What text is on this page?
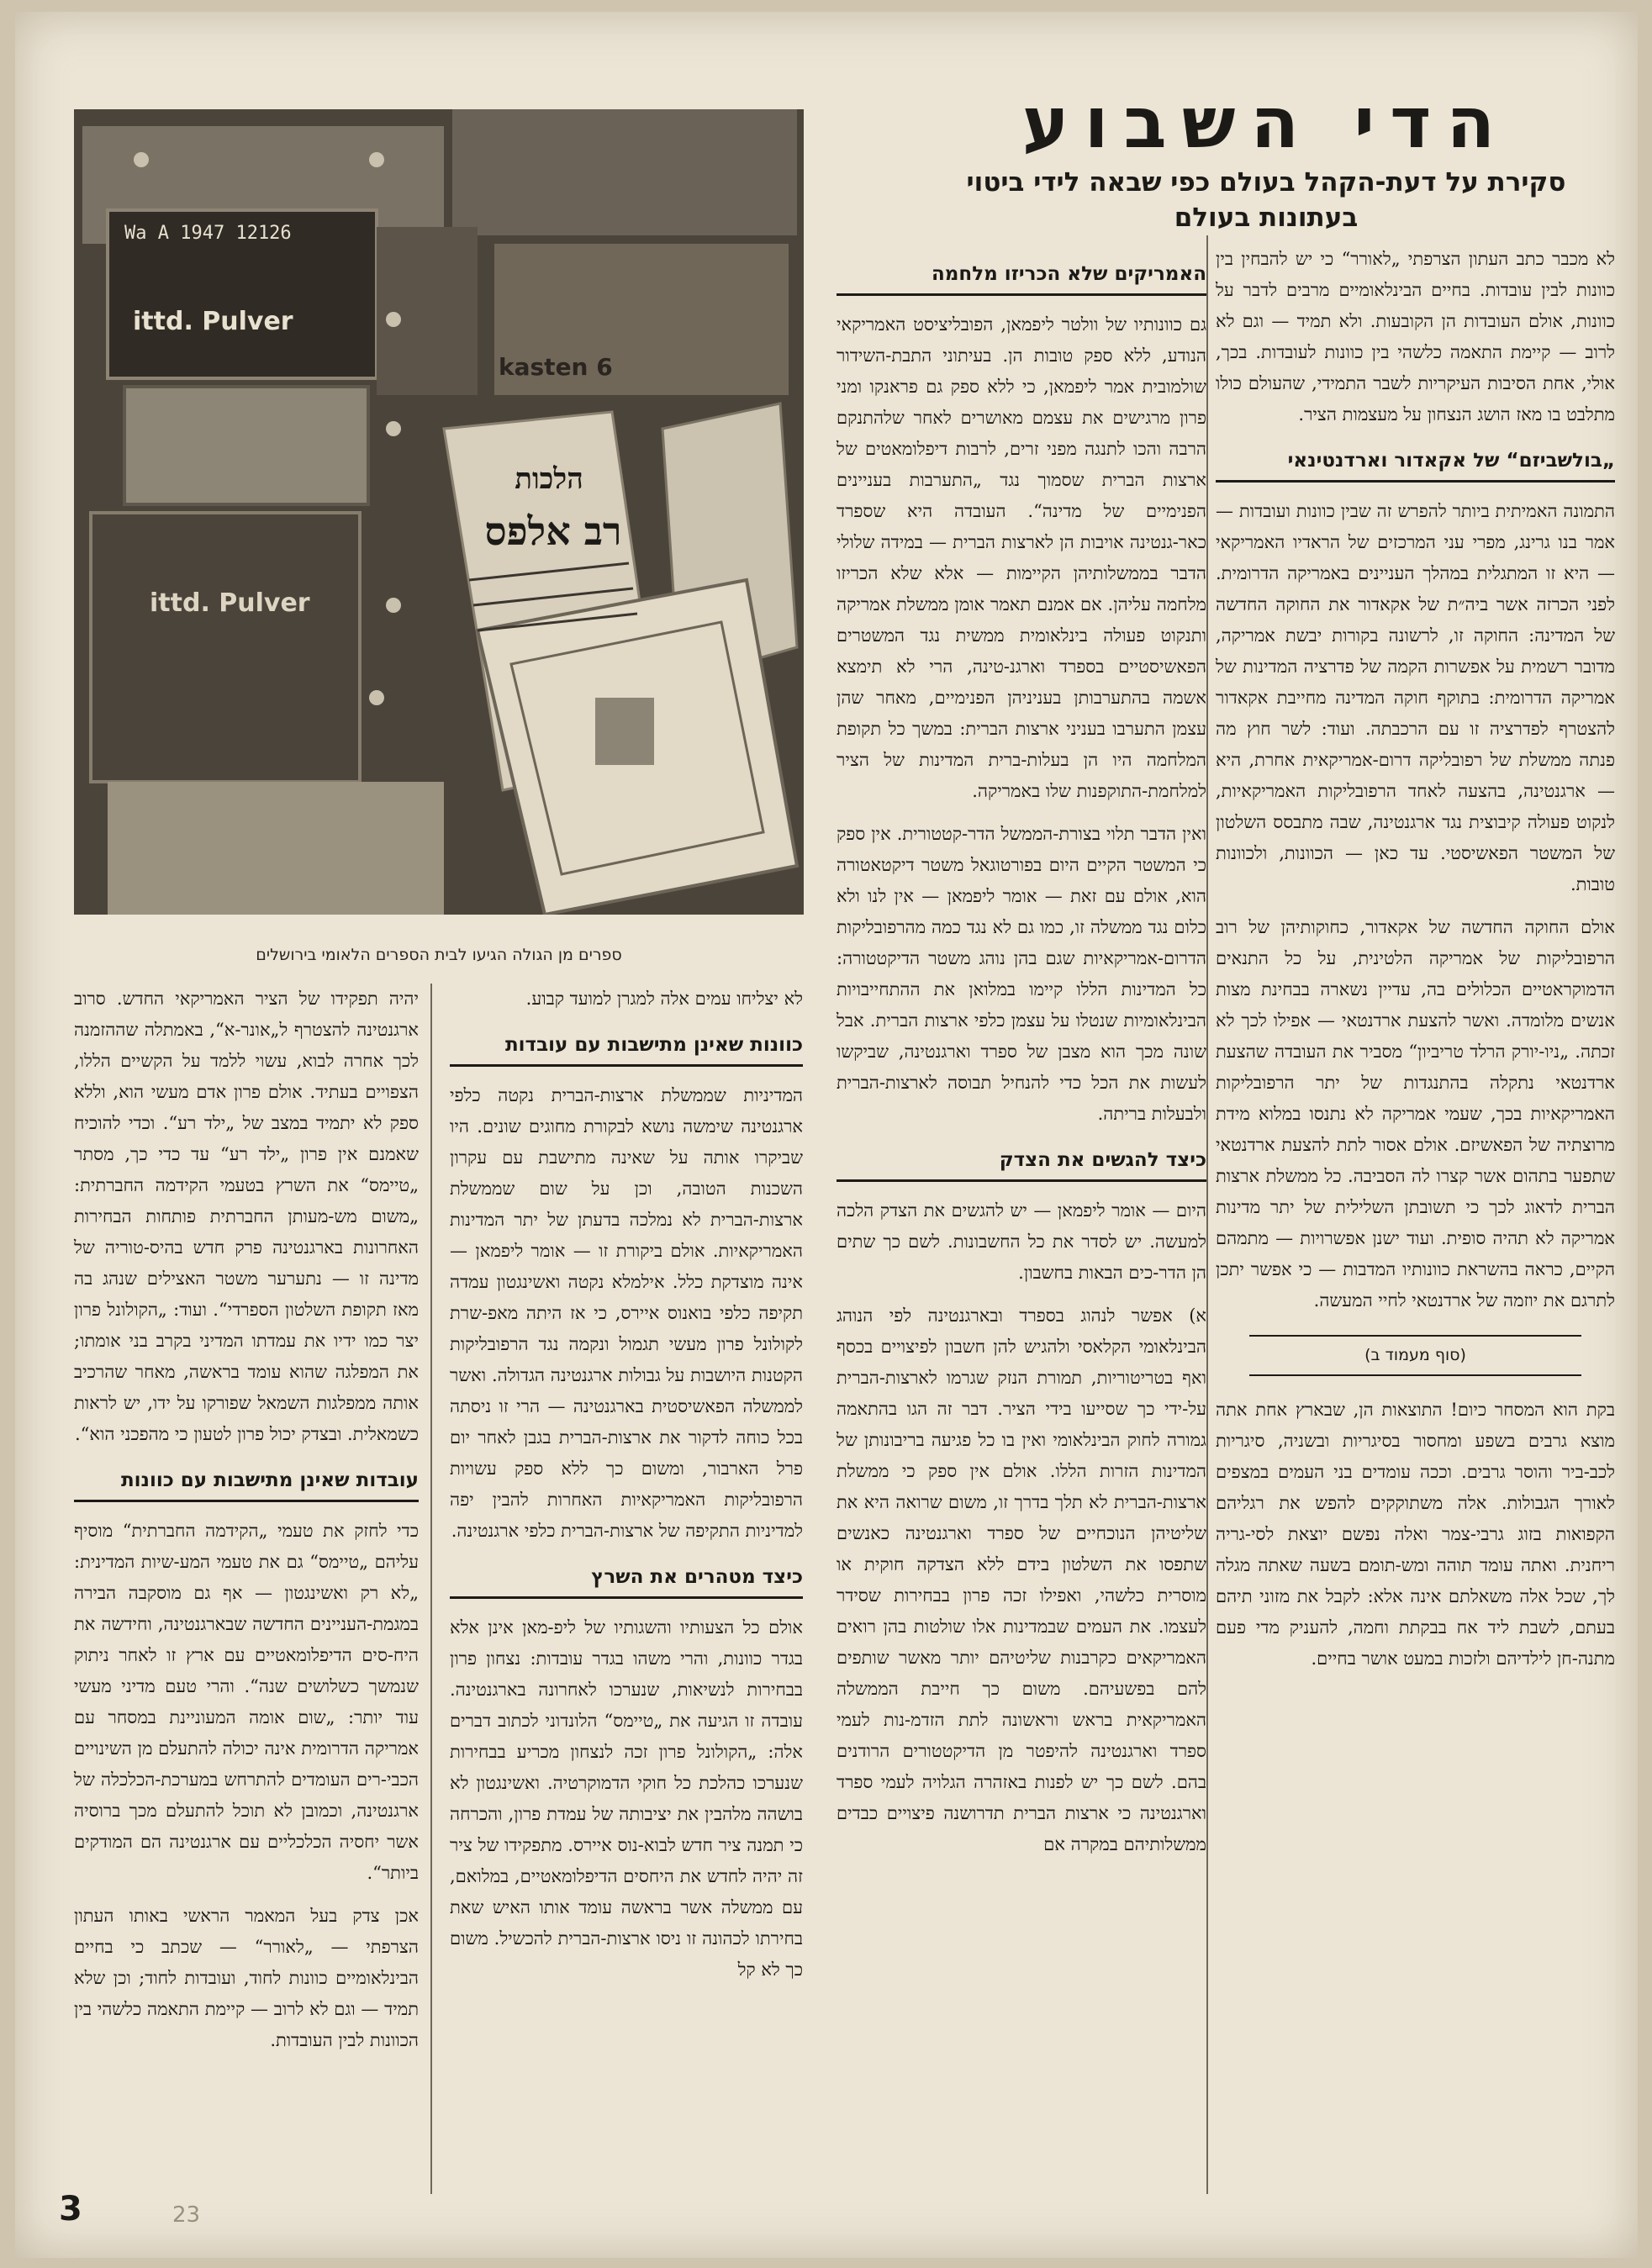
הדי השבוע
סקירת על דעת-הקהל בעולם כפי שבאה לידי ביטוי
בעתונות בעולם
Wa A 1947 12126
ittd. Pulver
kasten 6
ittd. Pulver
הלכות
רב אלפס
ספרים מן הגולה הגיעו לבית הספרים הלאומי בירושלים

לא מכבר כתב העתון הצרפתי „לאורר“ כי יש להבחין בין כוונות לבין עובדות. בחיים הבינלאומיים מרבים לדבר על כוונות, אולם העובדות הן הקובעות. ולא תמיד — וגם לא לרוב — קיימת התאמה כלשהי בין כוונות לעובדות. בכך, אולי, אחת הסיבות העיקריות לשבר התמידי, שהעולם כולו מתלבט בו מאז הושג הנצחון על מעצמות הציר.

„בולשביזם“ של אקאדור וארדנטינאי

התמונה האמיתית ביותר להפרש זה שבין כוונות ועובדות — אמר בנו גרינג, מפרי עני המרכזים של הראדיו האמריקאי — היא זו המתגלית במהלך העניינים באמריקה הדרומית. לפני הכרזה אשר ביה״ת של אקאדור את החוקה החדשה של המדינה: החוקה זו, לרשונה בקורות יבשת אמריקה, מדובר רשמית על אפשרות הקמה של פדרציה המדינות של אמריקה הדרומית: בתוקף חוקה המדינה מחייבת אקאדור להצטרף לפדרציה זו עם הרכבתה. ועוד: לשר חוץ מה פנתה ממשלת של רפובליקה דרום-אמריקאית אחרת, היא — ארגנטינה, בהצעה לאחד הרפובליקות האמריקאיות, לנקוט פעולה קיבוצית נגד ארגנטינה, שבה מתבסס השלטון של המשטר הפאשיסטי. עד כאן — הכוונות, ולכוונות טובות.

אולם החוקה החדשה של אקאדור, כחוקותיהן של רוב הרפובליקות של אמריקה הלטינית, על כל התנאים הדמוקראטיים הכלולים בה, עדיין נשארה בבחינת מצות אנשים מלומדה. ואשר להצעת ארדנטאי — אפילו לכך לא זכתה. „ניו-יורק הרלד טריביון“ מסביר את העובדה שהצעת ארדנטאי נתקלה בהתנגדות של יתר הרפובליקות האמריקאיות בכך, שעמי אמריקה לא נתנסו במלוא מידת מרוצתיה של הפאשיזם. אולם אסור לתת להצעת ארדנטאי שתפער בתהום אשר קצרו לה הסביבה. כל ממשלת ארצות הברית לדאוג לכך כי תשובתן השלילית של יתר מדינות אמריקה לא תהיה סופית. ועוד ישנן אפשרויות — מתמהם הקיים, כראה בהשראת כוונותיו המדבות — כי אפשר יתכן לתרגם את יוזמה של ארדנטאי לחיי המעשה.

(סוף מעמוד ב)

בקת הוא המסחר כיום! התוצאות הן, שבארץ אחת אתה מוצא גרבים בשפע ומחסור בסיגריות ובשניה, סיגריות לכב-ביר והוסר גרבים. וככה עומדים בני העמים במצפים לאורך הגבולות. אלה משתוקקים להפש את רגליהם הקפואות בזוג גרבי-צמר ואלה נפשם יוצאת לסי-גריה ריחנית. ואתה עומד תוהה ומש-תומם בשעה שאתה מגלה לך, שכל אלה משאלתם אינה אלא: לקבל את מזוני תיהם בעתם, לשבת ליד אח בבקתת וחמה, להעניק מדי פעם מתנה-חן לילדיהם ולזכות במעט אושר בחיים.

האמריקים שלא הכריזו מלחמה

גם כוונותיו של וולטר ליפמאן, הפובליציסט האמריקאי הנודע, ללא ספק טובות הן. בעיתוני התבת-השידור שולמובית אמר ליפמאן, כי ללא ספק גם פראנקו ומני פרון מרגישים את עצמם מאושרים לאחר שלהתנקם הרבה והכו לתנגה מפני זרים, לרבות דיפלומאטים של ארצות הברית שסמוך נגד „התערבות בעניינים הפנימיים של מדינה“. העובדה היא שספרד כאר-גנטינה אויבות הן לארצות הברית — במידה שלולי הדבר בממשלותיהן הקיימות — אלא שלא הכריזו מלחמה עליהן. אם אמנם תאמר אומן ממשלת אמריקה ותנקוט פעולה בינלאומית ממשית נגד המשטרים הפאשיסטיים בספרד וארגנ-טינה, הרי לא תימצא אשמה בהתערבותן בעניניהן הפנימיים, מאחר שהן עצמן התערבו בעניני ארצות הברית: במשך כל תקופת המלחמה היו הן בעלות-ברית המדינות של הציר למלחמת-התוקפנות שלו באמריקה.

ואין הדבר תלוי בצורת-הממשל הדר-קטטורית. אין ספק כי המשטר הקיים היום בפורטוגאל משטר דיקטאטורה הוא, אולם עם זאת — אומר ליפמאן — אין לנו ולא כלום נגד ממשלה זו, כמו גם לא נגד כמה מהרפובליקות הדרום-אמריקאיות שגם בהן נוהג משטר הדיקטטורה: כל המדינות הללו קיימו במלואן את ההתחייבויות הבינלאומיות שנטלו על עצמן כלפי ארצות הברית. אבל שונה מכך הוא מצבן של ספרד וארגנטינה, שביקשו לעשות את הכל כדי להנחיל תבוסה לארצות-הברית ולבעלות בריתה.

כיצד להגשים את הצדק

היום — אומר ליפמאן — יש להגשים את הצדק הלכה למעשה. יש לסדר את כל החשבונות. לשם כך שתים הן הדר-כים הבאות בחשבון.

א) אפשר לנהוג בספרד ובארגנטינה לפי הנוהג הבינלאומי הקלאסי ולהגיש להן חשבון לפיצויים בכסף ואף בטריטוריות, תמורת הנזק שגרמו לארצות-הברית על-ידי כך שסייעו בידי הציר. דבר זה הגו בהתאמה גמורה לחוק הבינלאומי ואין בו כל פגיעה בריבונותן של המדינות הזרות הללו. אולם אין ספק כי ממשלת ארצות-הברית לא תלך בדרך זו, משום שרואה היא את שליטיהן הנוכחיים של ספרד וארגנטינה כאנשים שתפסו את השלטון בידם ללא הצדקה חוקית או מוסרית כלשהי, ואפילו זכה פרון בבחירות שסידר לעצמו. את העמים שבמדינות אלו שולטות בהן רואים האמריקאים כקרבנות שליטיהם יותר מאשר שותפים להם בפשעיהם. משום כך חייבת הממשלה האמריקאית בראש וראשונה לתת הזדמ-נות לעמי ספרד וארגנטינה להיפטר מן הדיקטטורים הרודנים בהם. לשם כך יש לפנות באזהרה הגלויה לעמי ספרד וארגנטינה כי ארצות הברית תדרושנה פיצויים כבדים ממשלותיהם במקרה אם

לא יצליחו עמים אלה למגרן למועד קבוע.

כוונות שאינן מתישבות עם עובדות

המדיניות שממשלת ארצות-הברית נקטה כלפי ארגנטינה שימשה נושא לבקורת מחוגים שונים. היו שביקרו אותה על שאינה מתישבת עם עקרון השכנות הטובה, וכן על שום שממשלת ארצות-הברית לא נמלכה בדעתן של יתר המדינות האמריקאיות. אולם ביקורת זו — אומר ליפמאן — אינה מוצדקת כלל. אילמלא נקטה ואשינגטון עמדה תקיפה כלפי בואנוס איירס, כי אז היתה מאפ-שרת לקולונל פרון מעשי תגמול ונקמה נגד הרפובליקות הקטנות היושבות על גבולות ארגנטינה הגדולה. ואשר לממשלה הפאשיסטית בארגנטינה — הרי זו ניסתה בכל כוחה לדקור את ארצות-הברית בגבן לאחר יום פרל הארבור, ומשום כך ללא ספק עשויות הרפובליקות האמריקאיות האחרות להבין יפה למדיניות התקיפה של ארצות-הברית כלפי ארגנטינה.

כיצד מטהרים את השרץ

אולם כל הצעותיו והשגותיו של ליפ-מאן אינן אלא בגדר כוונות, והרי משהו בגדר עובדות: נצחון פרון בבחירות לנשיאות, שנערכו לאחרונה בארגנטינה. עובדה זו הגיעה את „טיימס“ הלונדוני לכתוב דברים אלה: „הקולונל פרון זכה לנצחון מכריע בבחירות שנערכו כהלכת כל חוקי הדמוקרטיה. ואשינגטון לא בושהה מלהבין את יציבותה של עמדת פרון, והכרחה כי תמנה ציר חדש לבוא-נוס איירס. מתפקידו של ציר זה יהיה לחדש את היחסים הדיפלומאטיים, במלואם, עם ממשלה אשר בראשה עומד אותו האיש שאת בחירתו לכהונה זו ניסו ארצות-הברית להכשיל. משום כך לא קל

יהיה תפקידו של הציר האמריקאי החדש. סרוב ארגנטינה להצטרף ל„אונר-א“, באמתלה שההזמנה לכך אחרה לבוא, עשוי ללמד על הקשיים הללו, הצפויים בעתיד. אולם פרון אדם מעשי הוא, וללא ספק לא יתמיד במצב של „ילד רע“. וכדי להוכיח שאמנם אין פרון „ילד רע“ עד כדי כך, מסתר „טיימס“ את השרץ בטעמי הקידמה החברתית: „משום מש-מעותן החברתית פותחות הבחירות האחרונות בארגנטינה פרק חדש בהיס-טוריה של מדינה זו — נתערער משטר האצילים שנהג בה מאז תקופת השלטון הספרדי“. ועוד: „הקולונל פרון יצר כמו ידיו את עמדתו המדיני בקרב בני אומתו; את המפלגה שהוא עומד בראשה, מאחר שהרכיב אותה ממפלגות השמאל שפורקו על ידו, יש לראות כשמאלית. ובצדק יכול פרון לטעון כי מהפכני הוא“.

עובדות שאינן מתישבות עם כוונות

כדי לחזק את טעמי „הקידמה החברתית“ מוסיף עליהם „טיימס“ גם את טעמי המע-שיות המדינית: „לא רק ואשינגטון — אף גם מוסקבה הבירה במגמת-העניינים החדשה שבארגנטינה, וחידשה את היח-סים הדיפלומאטיים עם ארץ זו לאחר ניתוק שנמשך כשלושים שנה“. והרי טעם מדיני מעשי עוד יותר: „שום אומה המעוניינת במסחר עם אמריקה הדרומית אינה יכולה להתעלם מן השינויים הכבי-רים העומדים להתרחש במערכת-הכלכלה של ארגנטינה, וכמובן לא תוכל להתעלם מכך ברוסיה אשר יחסיה הכלכליים עם ארגנטינה הם המודקים ביותר“.

אכן צדק בעל המאמר הראשי באותו העתון הצרפתי — „לאורר“ — שכתב כי בחיים הבינלאומיים כוונות לחוד, ועובדות לחוד; וכן שלא תמיד — וגם לא לרוב — קיימת התאמה כלשהי בין הכוונות לבין העובדות.

3	23
